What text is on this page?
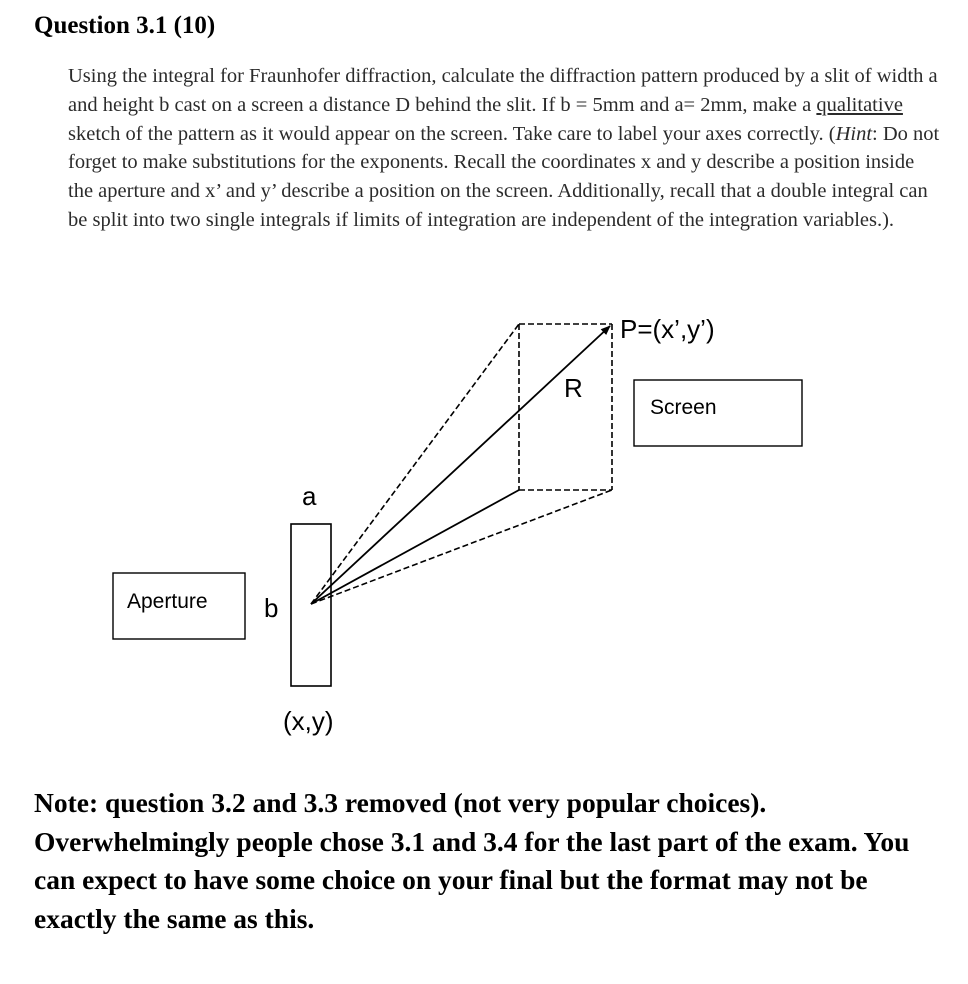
Question 3.1 (10)

Using the integral for Fraunhofer diffraction, calculate the diffraction pattern produced by a slit of width a and height b cast on a screen a distance D behind the slit. If b = 5mm and a= 2mm, make a qualitative sketch of the pattern as it would appear on the screen. Take care to label your axes correctly. (Hint: Do not forget to make substitutions for the exponents. Recall the coordinates x and y describe a position inside the aperture and x’ and y’ describe a position on the screen. Additionally, recall that a double integral can be split into two single integrals if limits of integration are independent of the integration variables.).

P=(x’,y’)
R
Screen
a
Aperture b
(x,y)

Note: question 3.2 and 3.3 removed (not very popular choices). Overwhelmingly people chose 3.1 and 3.4 for the last part of the exam. You can expect to have some choice on your final but the format may not be exactly the same as this.
